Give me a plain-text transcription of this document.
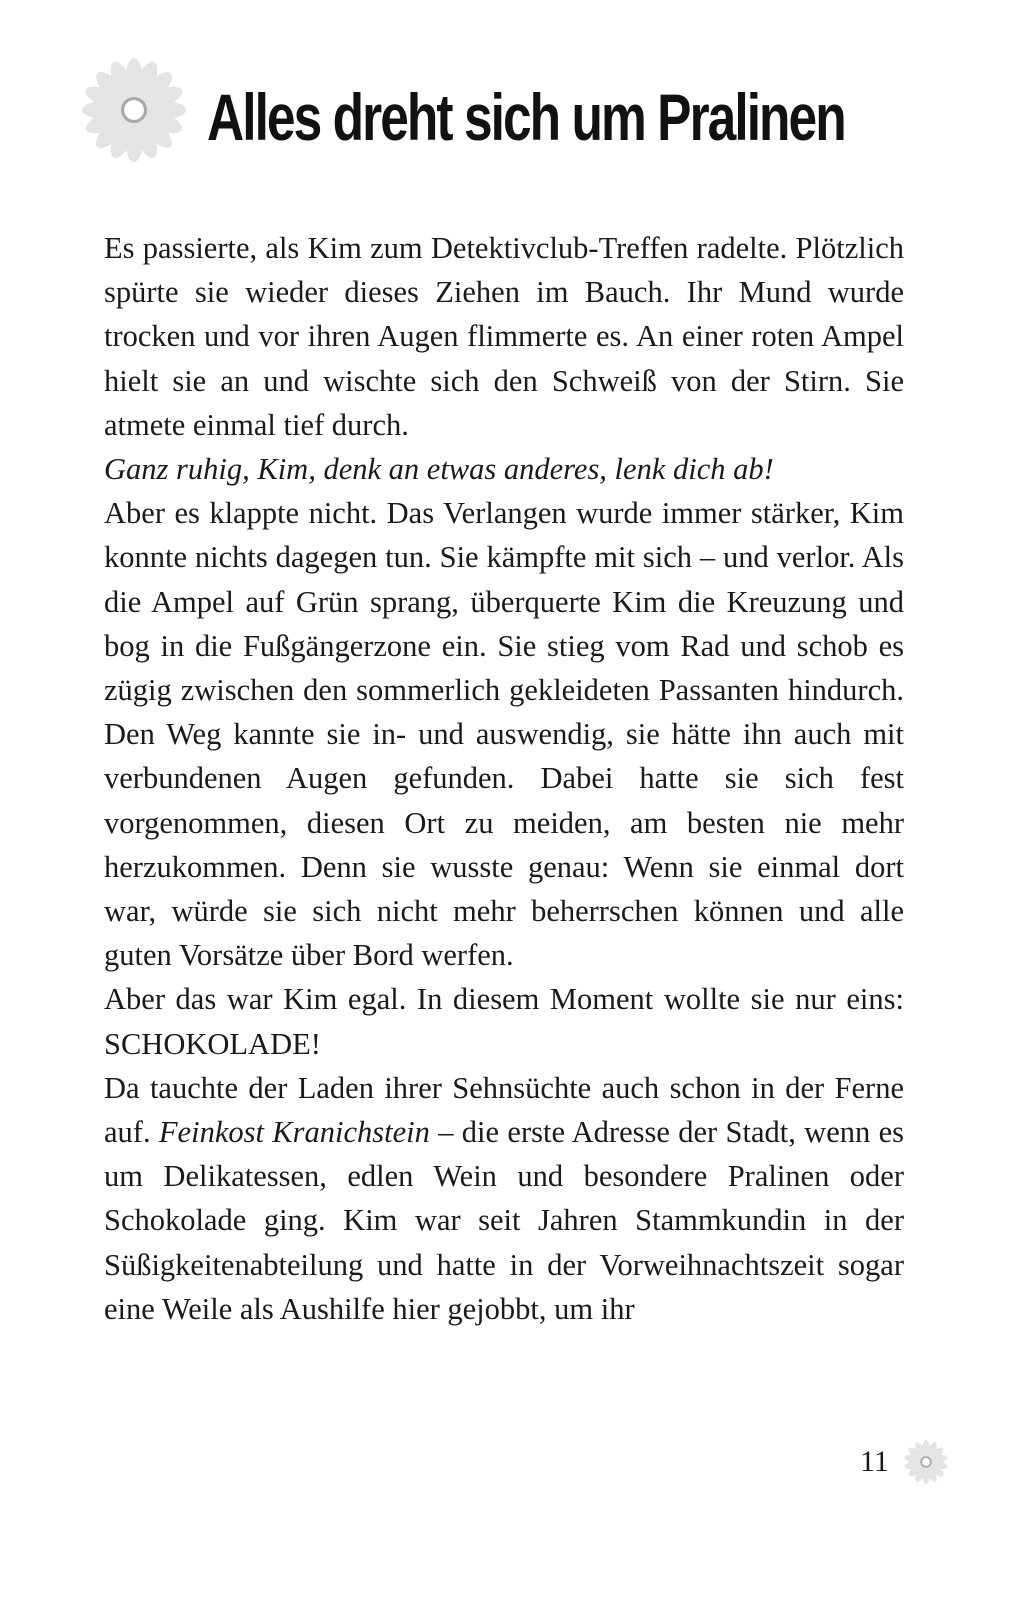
Alles dreht sich um Pralinen

Es passierte, als Kim zum Detektivclub-Treffen radelte. Plötzlich spürte sie wieder dieses Ziehen im Bauch. Ihr Mund wurde trocken und vor ihren Augen flimmerte es. An einer roten Ampel hielt sie an und wischte sich den Schweiß von der Stirn. Sie atmete einmal tief durch.

Ganz ruhig, Kim, denk an etwas anderes, lenk dich ab!

Aber es klappte nicht. Das Verlangen wurde immer stärker, Kim konnte nichts dagegen tun. Sie kämpfte mit sich – und verlor. Als die Ampel auf Grün sprang, überquerte Kim die Kreuzung und bog in die Fußgängerzone ein. Sie stieg vom Rad und schob es zügig zwischen den sommerlich gekleideten Passanten hindurch. Den Weg kannte sie in- und auswendig, sie hätte ihn auch mit verbundenen Augen gefunden. Dabei hatte sie sich fest vorgenommen, diesen Ort zu meiden, am besten nie mehr herzukommen. Denn sie wusste genau: Wenn sie einmal dort war, würde sie sich nicht mehr beherrschen können und alle guten Vorsätze über Bord werfen.

Aber das war Kim egal. In diesem Moment wollte sie nur eins: SCHOKOLADE!

Da tauchte der Laden ihrer Sehnsüchte auch schon in der Ferne auf. Feinkost Kranichstein – die erste Adresse der Stadt, wenn es um Delikatessen, edlen Wein und besondere Pralinen oder Schokolade ging. Kim war seit Jahren Stammkundin in der Süßigkeitenabteilung und hatte in der Vorweihnachtszeit sogar eine Weile als Aushilfe hier gejobbt, um ihr

11
